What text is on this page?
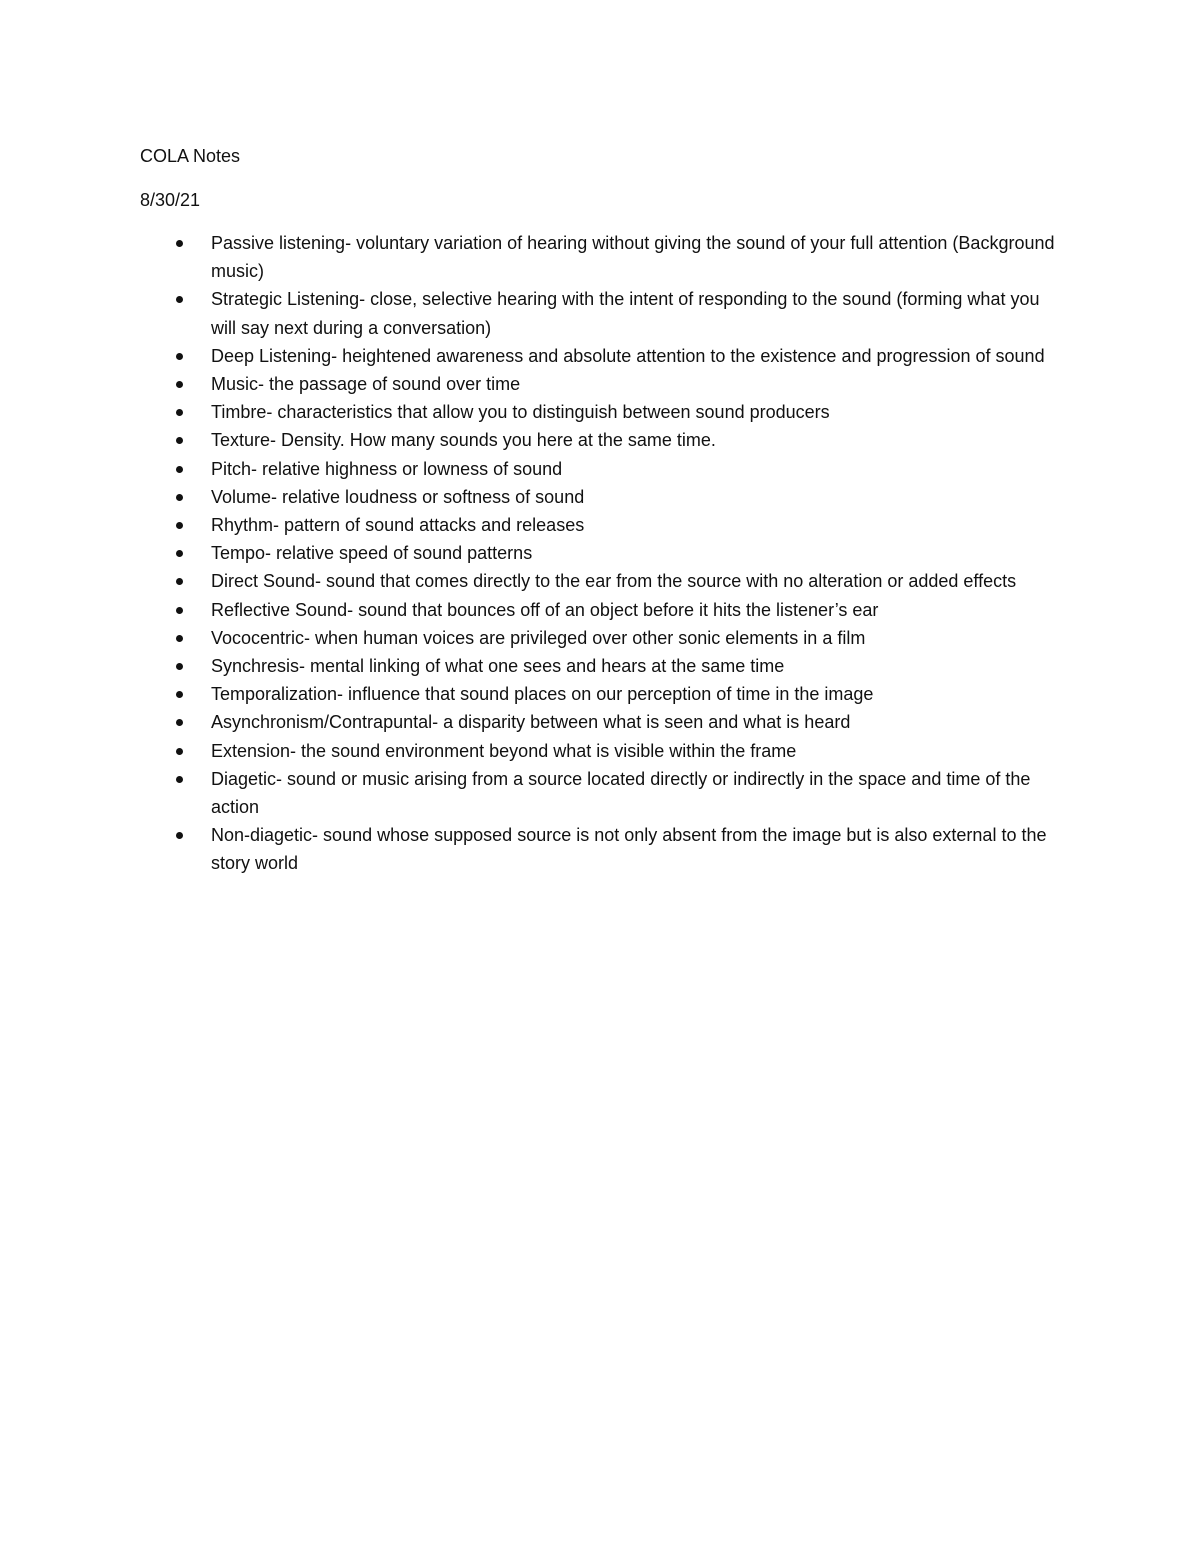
COLA Notes

8/30/21

Passive listening- voluntary variation of hearing without giving the sound of your full attention (Background music)
Strategic Listening- close, selective hearing with the intent of responding to the sound (forming what you will say next during a conversation)
Deep Listening- heightened awareness and absolute attention to the existence and progression of sound
Music- the passage of sound over time
Timbre- characteristics that allow you to distinguish between sound producers
Texture- Density. How many sounds you here at the same time.
Pitch- relative highness or lowness of sound
Volume- relative loudness or softness of sound
Rhythm- pattern of sound attacks and releases
Tempo- relative speed of sound patterns
Direct Sound- sound that comes directly to the ear from the source with no alteration or added effects
Reflective Sound- sound that bounces off of an object before it hits the listener’s ear
Vococentric- when human voices are privileged over other sonic elements in a film
Synchresis- mental linking of what one sees and hears at the same time
Temporalization- influence that sound places on our perception of time in the image
Asynchronism/Contrapuntal- a disparity between what is seen and what is heard
Extension- the sound environment beyond what is visible within the frame
Diagetic- sound or music arising from a source located directly or indirectly in the space and time of the action
Non-diagetic- sound whose supposed source is not only absent from the image but is also external to the story world
